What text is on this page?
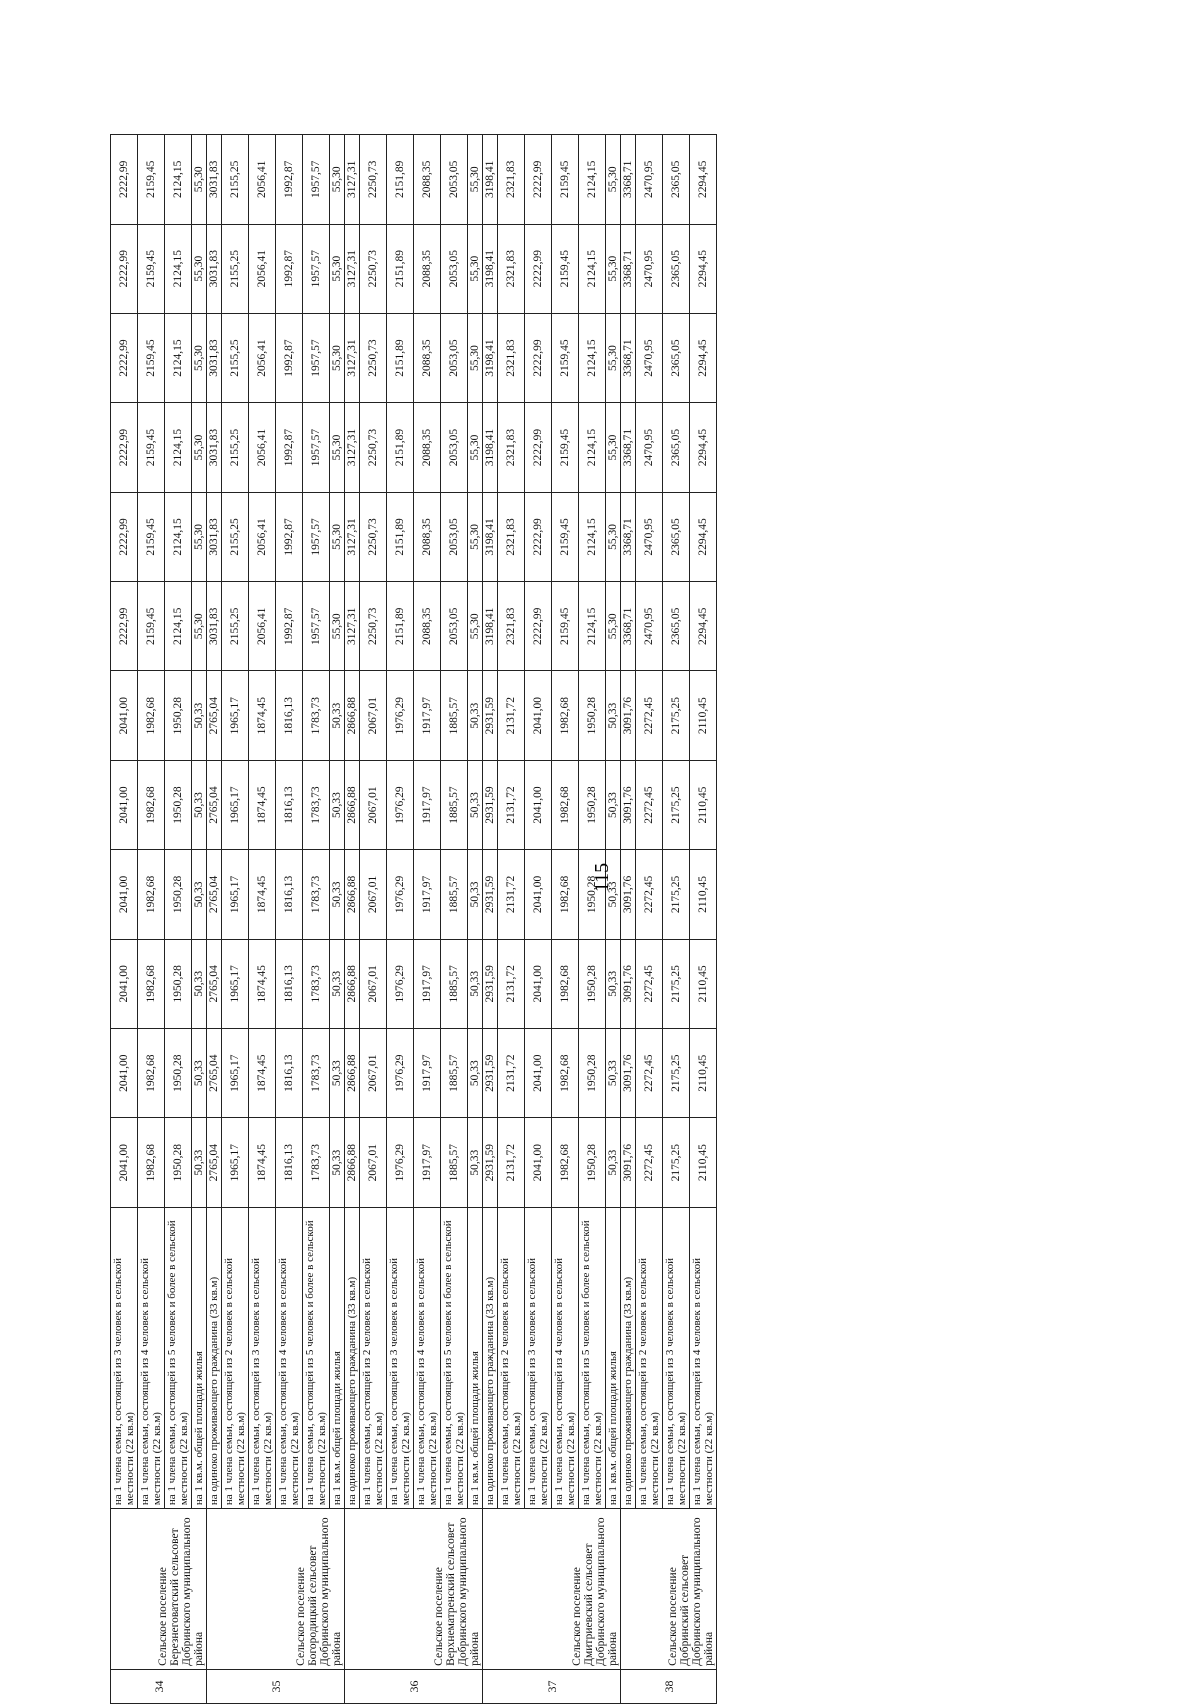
34	Сельское поселение Березнеговатский сельсовет Добринского муниципального района	на 1 члена семьи, состоящей из 3 человек в сельской местности (22 кв.м)	2041,00	2041,00	2041,00	2041,00	2041,00	2041,00	2222,99	2222,99	2222,99	2222,99	2222,99	2222,99
		на 1 члена семьи, состоящей из 4 человек в сельской местности (22 кв.м)	1982,68	1982,68	1982,68	1982,68	1982,68	1982,68	2159,45	2159,45	2159,45	2159,45	2159,45	2159,45
		на 1 члена семьи, состоящей из 5 человек и более в сельской местности (22 кв.м)	1950,28	1950,28	1950,28	1950,28	1950,28	1950,28	2124,15	2124,15	2124,15	2124,15	2124,15	2124,15
		на 1 кв.м. общей площади жилья	50,33	50,33	50,33	50,33	50,33	50,33	55,30	55,30	55,30	55,30	55,30	55,30
35	Сельское поселение Богородицкий сельсовет Добринского муниципального района	на одиноко проживающего гражданина (33 кв.м)	2765,04	2765,04	2765,04	2765,04	2765,04	2765,04	3031,83	3031,83	3031,83	3031,83	3031,83	3031,83
		на 1 члена семьи, состоящей из 2 человек в сельской местности (22 кв.м)	1965,17	1965,17	1965,17	1965,17	1965,17	1965,17	2155,25	2155,25	2155,25	2155,25	2155,25	2155,25
		на 1 члена семьи, состоящей из 3 человек в сельской местности (22 кв.м)	1874,45	1874,45	1874,45	1874,45	1874,45	1874,45	2056,41	2056,41	2056,41	2056,41	2056,41	2056,41
		на 1 члена семьи, состоящей из 4 человек в сельской местности (22 кв.м)	1816,13	1816,13	1816,13	1816,13	1816,13	1816,13	1992,87	1992,87	1992,87	1992,87	1992,87	1992,87
		на 1 члена семьи, состоящей из 5 человек и более в сельской местности (22 кв.м)	1783,73	1783,73	1783,73	1783,73	1783,73	1783,73	1957,57	1957,57	1957,57	1957,57	1957,57	1957,57
		на 1 кв.м. общей площади жилья	50,33	50,33	50,33	50,33	50,33	50,33	55,30	55,30	55,30	55,30	55,30	55,30
36	Сельское поселение Верхнематренский сельсовет Добринского муниципального района	на одиноко проживающего гражданина (33 кв.м)	2866,88	2866,88	2866,88	2866,88	2866,88	2866,88	3127,31	3127,31	3127,31	3127,31	3127,31	3127,31
		на 1 члена семьи, состоящей из 2 человек в сельской местности (22 кв.м)	2067,01	2067,01	2067,01	2067,01	2067,01	2067,01	2250,73	2250,73	2250,73	2250,73	2250,73	2250,73
		на 1 члена семьи, состоящей из 3 человек в сельской местности (22 кв.м)	1976,29	1976,29	1976,29	1976,29	1976,29	1976,29	2151,89	2151,89	2151,89	2151,89	2151,89	2151,89
		на 1 члена семьи, состоящей из 4 человек в сельской местности (22 кв.м)	1917,97	1917,97	1917,97	1917,97	1917,97	1917,97	2088,35	2088,35	2088,35	2088,35	2088,35	2088,35
		на 1 члена семьи, состоящей из 5 человек и более в сельской местности (22 кв.м)	1885,57	1885,57	1885,57	1885,57	1885,57	1885,57	2053,05	2053,05	2053,05	2053,05	2053,05	2053,05
		на 1 кв.м. общей площади жилья	50,33	50,33	50,33	50,33	50,33	50,33	55,30	55,30	55,30	55,30	55,30	55,30
37	Сельское поселение Дмитриевский сельсовет Добринского муниципального района	на одиноко проживающего гражданина (33 кв.м)	2931,59	2931,59	2931,59	2931,59	2931,59	2931,59	3198,41	3198,41	3198,41	3198,41	3198,41	3198,41
		на 1 члена семьи, состоящей из 2 человек в сельской местности (22 кв.м)	2131,72	2131,72	2131,72	2131,72	2131,72	2131,72	2321,83	2321,83	2321,83	2321,83	2321,83	2321,83
		на 1 члена семьи, состоящей из 3 человек в сельской местности (22 кв.м)	2041,00	2041,00	2041,00	2041,00	2041,00	2041,00	2222,99	2222,99	2222,99	2222,99	2222,99	2222,99
		на 1 члена семьи, состоящей из 4 человек в сельской местности (22 кв.м)	1982,68	1982,68	1982,68	1982,68	1982,68	1982,68	2159,45	2159,45	2159,45	2159,45	2159,45	2159,45
		на 1 члена семьи, состоящей из 5 человек и более в сельской местности (22 кв.м)	1950,28	1950,28	1950,28	1950,28	1950,28	1950,28	2124,15	2124,15	2124,15	2124,15	2124,15	2124,15
		на 1 кв.м. общей площади жилья	50,33	50,33	50,33	50,33	50,33	50,33	55,30	55,30	55,30	55,30	55,30	55,30
38	Сельское поселение Добринский сельсовет Добринского муниципального района	на одиноко проживающего гражданина (33 кв.м)	3091,76	3091,76	3091,76	3091,76	3091,76	3091,76	3368,71	3368,71	3368,71	3368,71	3368,71	3368,71
		на 1 члена семьи, состоящей из 2 человек в сельской местности (22 кв.м)	2272,45	2272,45	2272,45	2272,45	2272,45	2272,45	2470,95	2470,95	2470,95	2470,95	2470,95	2470,95
		на 1 члена семьи, состоящей из 3 человек в сельской местности (22 кв.м)	2175,25	2175,25	2175,25	2175,25	2175,25	2175,25	2365,05	2365,05	2365,05	2365,05	2365,05	2365,05
		на 1 члена семьи, состоящей из 4 человек в сельской местности (22 кв.м)	2110,45	2110,45	2110,45	2110,45	2110,45	2110,45	2294,45	2294,45	2294,45	2294,45	2294,45	2294,45
115
